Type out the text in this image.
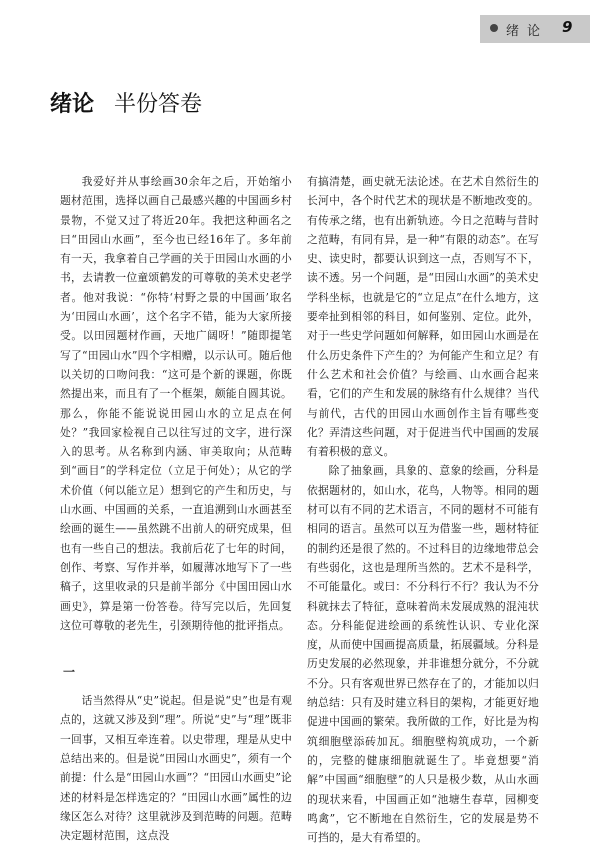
绪论 9
绪论 半份答卷

我爱好并从事绘画30余年之后，开始缩小题材范围，选择以画自己最感兴趣的中国画乡村景物，不觉又过了将近20年。我把这种画名之曰“田园山水画”，至今也已经16年了。多年前有一天，我拿着自己学画的关于田园山水画的小书，去请教一位童颂鹤发的可尊敬的美术史老学者。他对我说：“你特‘村野之景的中国画’取名为‘田园山水画’，这个名字不错，能为大家所接受。以田园题材作画，天地广阔呀！”随即提笔写了“田园山水”四个字相赠，以示认可。随后他以关切的口吻问我：“这可是个新的课题，你既然提出来，而且有了一个框架，颇能自圆其说。那么，你能不能说说田园山水的立足点在何处？”我回家检视自己以往写过的文字，进行深入的思考。从名称到内涵、审美取向；从范畴到“画目”的学科定位（立足于何处）；从它的学术价值（何以能立足）想到它的产生和历史，与山水画、中国画的关系，一直追溯到山水画甚至绘画的诞生——虽然跳不出前人的研究成果，但也有一些自己的想法。我前后花了七年的时间，创作、考察、写作并举，如履薄冰地写下了一些稿子，这里收录的只是前半部分《中国田园山水画史》，算是第一份答卷。待写完以后，先回复这位可尊敬的老先生，引颈期待他的批评指点。

一

话当然得从“史”说起。但是说“史”也是有观点的，这就又涉及到“理”。所说“史”与“理”既非一回事，又相互牵连着。以史带理，理是从史中总结出来的。但是说“田园山水画史”，须有一个前提：什么是“田园山水画”？“田园山水画史”论述的材料是怎样选定的？“田园山水画”属性的边缘区怎么对待？这里就涉及到范畴的问题。范畴决定题材范围，这点没

有搞清楚，画史就无法论述。在艺术自然衍生的长河中，各个时代艺术的现状是不断地改变的。有传承之绪，也有出新轨迹。今日之范畴与昔时之范畴，有同有异，是一种“有限的动态”。在写史、读史时，都要认识到这一点，否则写不下，读不透。另一个问题，是“田园山水画”的美术史学科坐标，也就是它的“立足点”在什么地方，这要牵扯到相邻的科目，如何鉴别、定位。此外，对于一些史学问题如何解释，如田园山水画是在什么历史条件下产生的？为何能产生和立足？有什么艺术和社会价值？与绘画、山水画合起来看，它们的产生和发展的脉络有什么规律？当代与前代，古代的田园山水画创作主旨有哪些变化？弄清这些问题，对于促进当代中国画的发展有着积极的意义。

除了抽象画，具象的、意象的绘画，分科是依据题材的，如山水，花鸟，人物等。相同的题材可以有不同的艺术语言，不同的题材不可能有相同的语言。虽然可以互为借鉴一些，题材特征的制约还是很了然的。不过科目的边缘地带总会有些弱化，这也是理所当然的。艺术不是科学，不可能量化。或曰：不分科行不行？我认为不分科就抹去了特征，意味着尚未发展成熟的混沌状态。分科能促进绘画的系统性认识、专业化深度，从而使中国画提高质量，拓展疆域。分科是历史发展的必然现象，并非谁想分就分，不分就不分。只有客观世界已然存在了的，才能加以归纳总结：只有及时建立科目的架构，才能更好地促进中国画的繁荣。我所做的工作，好比是为构筑细胞壁添砖加瓦。细胞壁构筑成功，一个新的，完整的健康细胞就诞生了。毕竟想要“消解”中国画“细胞壁”的人只是极少数，从山水画的现状来看，中国画正如“池塘生春草，园柳变鸣禽”，它不断地在自然衍生，它的发展是势不可挡的，是大有希望的。
